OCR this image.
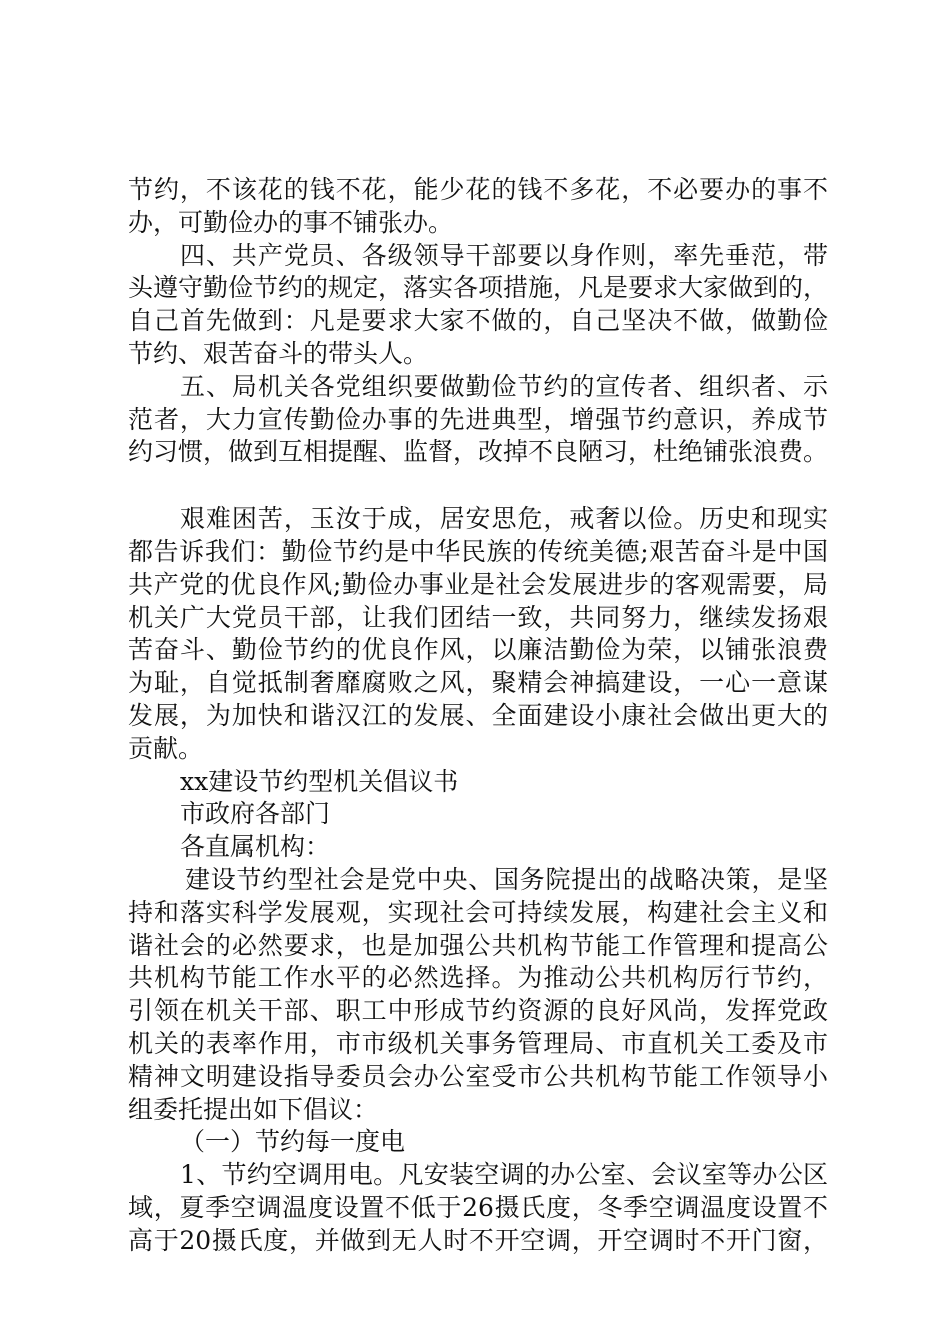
节约，不该花的钱不花，能少花的钱不多花，不必要办的事不
办，可勤俭办的事不铺张办。
四、共产党员、各级领导干部要以身作则，率先垂范，带
头遵守勤俭节约的规定，落实各项措施，凡是要求大家做到的，
自己首先做到：凡是要求大家不做的，自己坚决不做，做勤俭
节约、艰苦奋斗的带头人。
五、局机关各党组织要做勤俭节约的宣传者、组织者、示
范者，大力宣传勤俭办事的先进典型，增强节约意识，养成节
约习惯，做到互相提醒、监督，改掉不良陋习，杜绝铺张浪费。
艰难困苦，玉汝于成，居安思危，戒奢以俭。历史和现实
都告诉我们：勤俭节约是中华民族的传统美德;艰苦奋斗是中国
共产党的优良作风;勤俭办事业是社会发展进步的客观需要，局
机关广大党员干部，让我们团结一致，共同努力，继续发扬艰
苦奋斗、勤俭节约的优良作风，以廉洁勤俭为荣，以铺张浪费
为耻，自觉抵制奢靡腐败之风，聚精会神搞建设，一心一意谋
发展，为加快和谐汉江的发展、全面建设小康社会做出更大的
贡献。
xx建设节约型机关倡议书
市政府各部门
各直属机构：
建设节约型社会是党中央、国务院提出的战略决策，是坚
持和落实科学发展观，实现社会可持续发展，构建社会主义和
谐社会的必然要求，也是加强公共机构节能工作管理和提高公
共机构节能工作水平的必然选择。为推动公共机构厉行节约，
引领在机关干部、职工中形成节约资源的良好风尚，发挥党政
机关的表率作用，市市级机关事务管理局、市直机关工委及市
精神文明建设指导委员会办公室受市公共机构节能工作领导小
组委托提出如下倡议：
（一）节约每一度电
1、节约空调用电。凡安装空调的办公室、会议室等办公区
域，夏季空调温度设置不低于26摄氏度，冬季空调温度设置不
高于20摄氏度，并做到无人时不开空调，开空调时不开门窗，
